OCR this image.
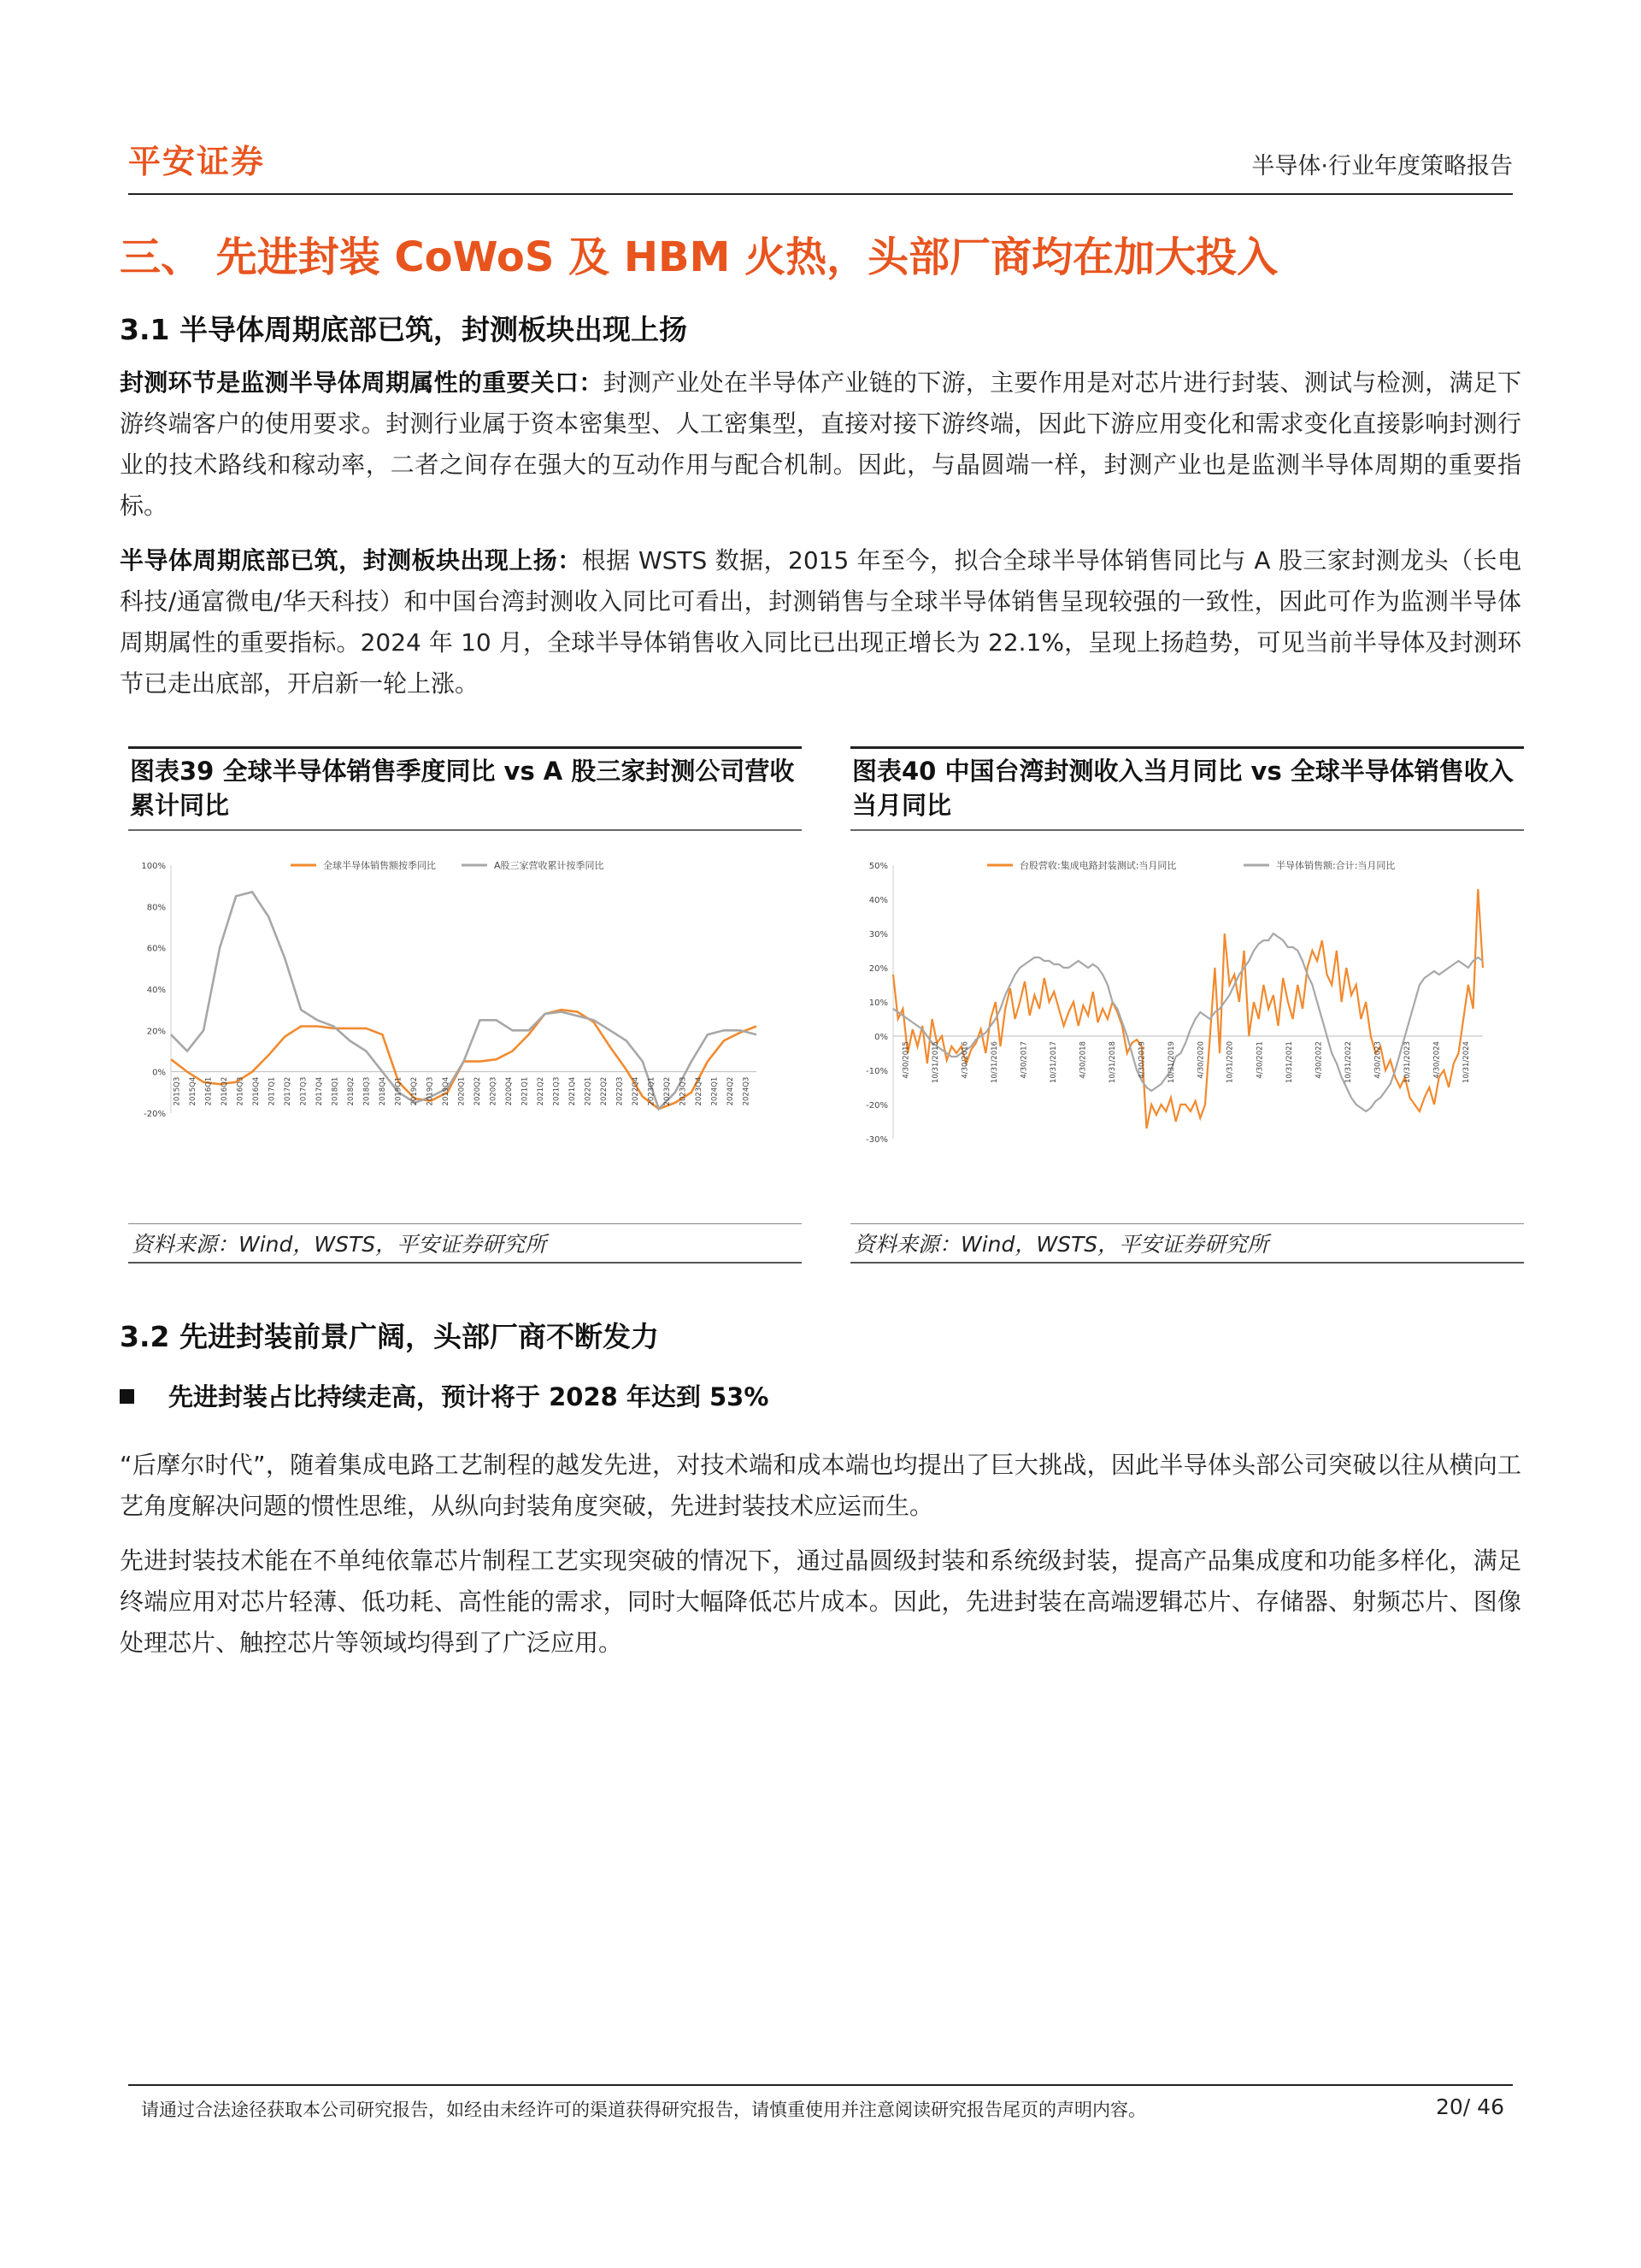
平安证券	半导体·行业年度策略报告
三、 先进封装 CoWoS 及 HBM 火热，头部厂商均在加大投入
3.1 半导体周期底部已筑，封测板块出现上扬
封测环节是监测半导体周期属性的重要关口：封测产业处在半导体产业链的下游，主要作用是对芯片进行封装、测试与检测，满足下游终端客户的使用要求。封测行业属于资本密集型、人工密集型，直接对接下游终端，因此下游应用变化和需求变化直接影响封测行业的技术路线和稼动率，二者之间存在强大的互动作用与配合机制。因此，与晶圆端一样，封测产业也是监测半导体周期的重要指标。
半导体周期底部已筑，封测板块出现上扬：根据 WSTS 数据，2015 年至今，拟合全球半导体销售同比与 A 股三家封测龙头（长电科技/通富微电/华天科技）和中国台湾封测收入同比可看出，封测销售与全球半导体销售呈现较强的一致性，因此可作为监测半导体周期属性的重要指标。2024 年 10 月，全球半导体销售收入同比已出现正增长为 22.1%，呈现上扬趋势，可见当前半导体及封测环节已走出底部，开启新一轮上涨。
图表39 全球半导体销售季度同比 vs A 股三家封测公司营收累计同比
全球半导体销售额按季同比	A股三家营收累计按季同比
100%
80%
60%
40%
20%
0%
-20%
2015Q3 2015Q4 2016Q1 2016Q2 2016Q3 2016Q4 2017Q1 2017Q2 2017Q3 2017Q4 2018Q1 2018Q2 2018Q3 2018Q4 2019Q1 2019Q2 2019Q3 2019Q4 2020Q1 2020Q2 2020Q3 2020Q4 2021Q1 2021Q2 2021Q3 2021Q4 2022Q1 2022Q2 2022Q3 2022Q4 2023Q1 2023Q2 2023Q3 2023Q4 2024Q1 2024Q2 2024Q3
资料来源：Wind，WSTS，平安证券研究所
图表40 中国台湾封测收入当月同比 vs 全球半导体销售收入当月同比
台股营收:集成电路封装测试:当月同比	半导体销售额:合计:当月同比
50%
40%
30%
20%
10%
0%
-10%
-20%
-30%
4/30/2015	10/31/2015	4/30/2016	10/31/2016	4/30/2017	10/31/2017	4/30/2018	10/31/2018	4/30/2019	10/31/2019	4/30/2020	10/31/2020	4/30/2021	10/31/2021	4/30/2022	10/31/2022	4/30/2023	10/31/2023	4/30/2024	10/31/2024
资料来源：Wind，WSTS，平安证券研究所
3.2 先进封装前景广阔，头部厂商不断发力
先进封装占比持续走高，预计将于 2028 年达到 53%
“后摩尔时代”，随着集成电路工艺制程的越发先进，对技术端和成本端也均提出了巨大挑战，因此半导体头部公司突破以往从横向工艺角度解决问题的惯性思维，从纵向封装角度突破，先进封装技术应运而生。
先进封装技术能在不单纯依靠芯片制程工艺实现突破的情况下，通过晶圆级封装和系统级封装，提高产品集成度和功能多样化，满足终端应用对芯片轻薄、低功耗、高性能的需求，同时大幅降低芯片成本。因此，先进封装在高端逻辑芯片、存储器、射频芯片、图像处理芯片、触控芯片等领域均得到了广泛应用。
请通过合法途径获取本公司研究报告，如经由未经许可的渠道获得研究报告，请慎重使用并注意阅读研究报告尾页的声明内容。	20/ 46
